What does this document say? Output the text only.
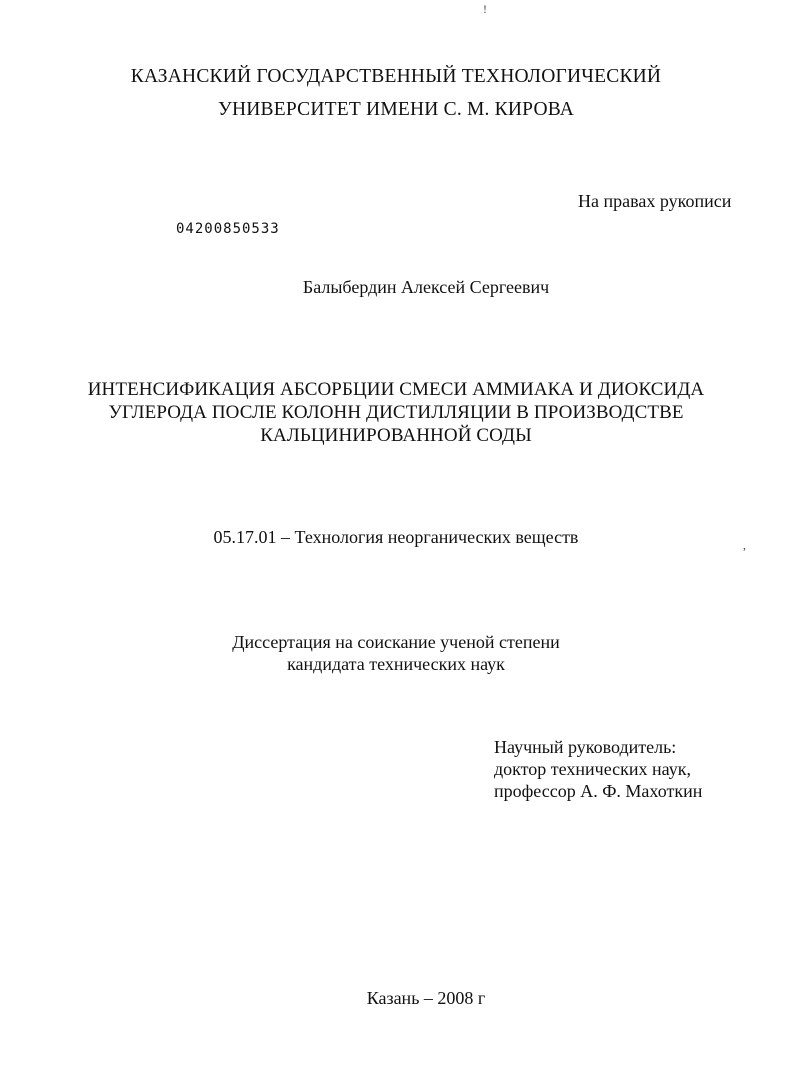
!
КАЗАНСКИЙ ГОСУДАРСТВЕННЫЙ ТЕХНОЛОГИЧЕСКИЙ
УНИВЕРСИТЕТ ИМЕНИ С. М. КИРОВА
На правах рукописи
04200850533
Балыбердин Алексей Сергеевич
ИНТЕНСИФИКАЦИЯ АБСОРБЦИИ СМЕСИ АММИАКА И ДИОКСИДА
УГЛЕРОДА ПОСЛЕ КОЛОНН ДИСТИЛЛЯЦИИ В ПРОИЗВОДСТВЕ
КАЛЬЦИНИРОВАННОЙ СОДЫ
05.17.01 – Технология неорганических веществ	,
Диссертация на соискание ученой степени
кандидата технических наук
Научный руководитель:
доктор технических наук,
профессор А. Ф. Махоткин
Казань – 2008 г
